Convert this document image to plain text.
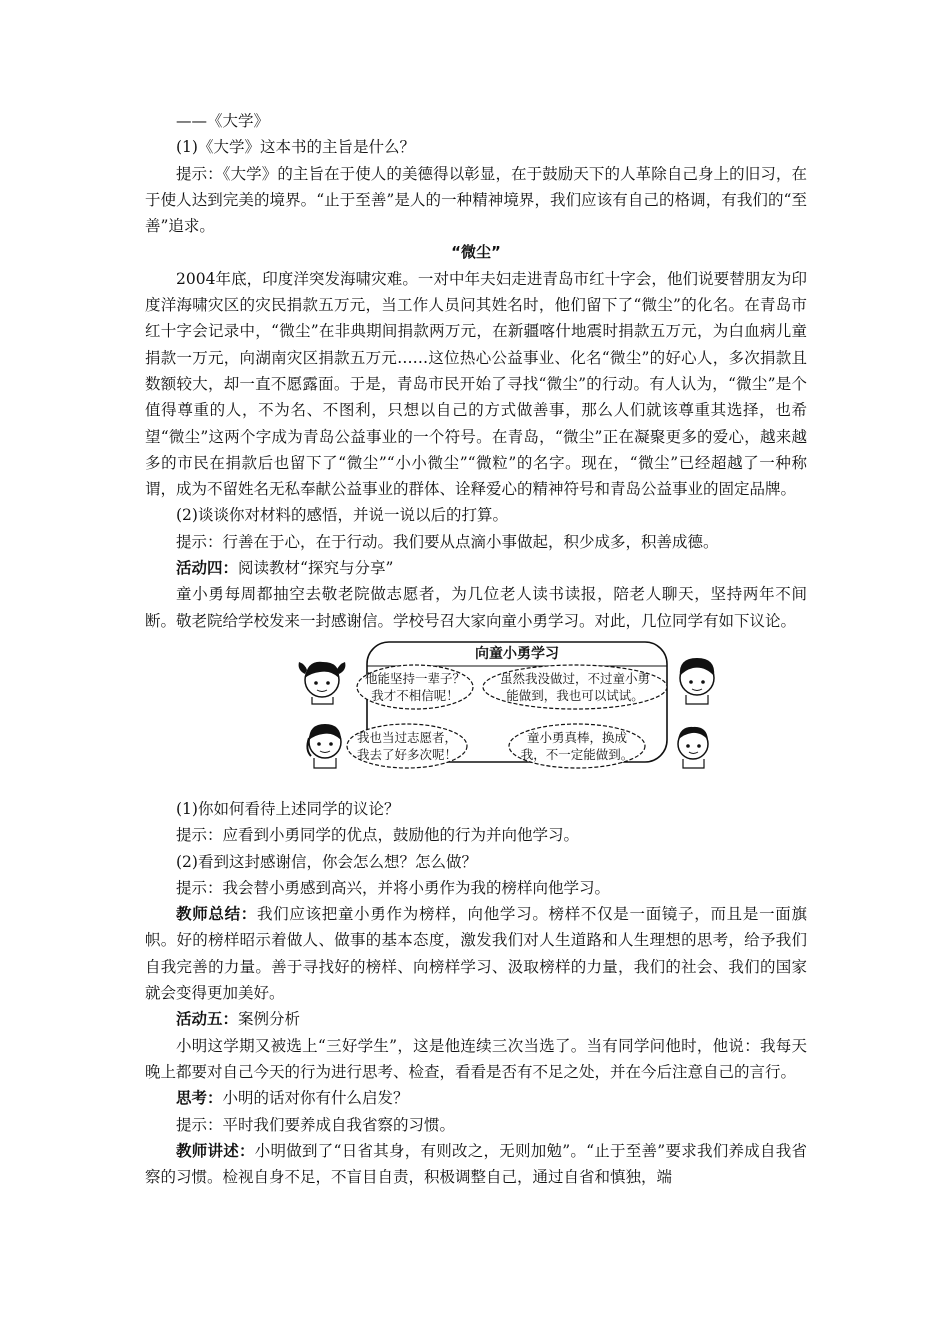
——《大学》

(1)《大学》这本书的主旨是什么？

提示：《大学》的主旨在于使人的美德得以彰显，在于鼓励天下的人革除自己身上的旧习，在于使人达到完美的境界。“止于至善”是人的一种精神境界，我们应该有自己的格调，有我们的“至善”追求。

“微尘”

2004年底，印度洋突发海啸灾难。一对中年夫妇走进青岛市红十字会，他们说要替朋友为印度洋海啸灾区的灾民捐款五万元，当工作人员问其姓名时，他们留下了“微尘”的化名。在青岛市红十字会记录中，“微尘”在非典期间捐款两万元，在新疆喀什地震时捐款五万元，为白血病儿童捐款一万元，向湖南灾区捐款五万元……这位热心公益事业、化名“微尘”的好心人，多次捐款且数额较大，却一直不愿露面。于是，青岛市民开始了寻找“微尘”的行动。有人认为，“微尘”是个值得尊重的人，不为名、不图利，只想以自己的方式做善事，那么人们就该尊重其选择，也希望“微尘”这两个字成为青岛公益事业的一个符号。在青岛，“微尘”正在凝聚更多的爱心，越来越多的市民在捐款后也留下了“微尘”“小小微尘”“微粒”的名字。现在，“微尘”已经超越了一种称谓，成为不留姓名无私奉献公益事业的群体、诠释爱心的精神符号和青岛公益事业的固定品牌。

(2)谈谈你对材料的感悟，并说一说以后的打算。

提示：行善在于心，在于行动。我们要从点滴小事做起，积少成多，积善成德。

活动四：阅读教材“探究与分享”

童小勇每周都抽空去敬老院做志愿者，为几位老人读书读报，陪老人聊天，坚持两年不间断。敬老院给学校发来一封感谢信。学校号召大家向童小勇学习。对此，几位同学有如下议论。

向童小勇学习
他能坚持一辈子？
我才不相信呢！
虽然我没做过，不过童小勇
能做到，我也可以试试。
我也当过志愿者，
我去了好多次呢！
童小勇真棒，换成
我，不一定能做到。

(1)你如何看待上述同学的议论？

提示：应看到小勇同学的优点，鼓励他的行为并向他学习。

(2)看到这封感谢信，你会怎么想？怎么做？

提示：我会替小勇感到高兴，并将小勇作为我的榜样向他学习。

教师总结：我们应该把童小勇作为榜样，向他学习。榜样不仅是一面镜子，而且是一面旗帜。好的榜样昭示着做人、做事的基本态度，激发我们对人生道路和人生理想的思考，给予我们自我完善的力量。善于寻找好的榜样、向榜样学习、汲取榜样的力量，我们的社会、我们的国家就会变得更加美好。

活动五：案例分析

小明这学期又被选上“三好学生”，这是他连续三次当选了。当有同学问他时，他说：我每天晚上都要对自己今天的行为进行思考、检查，看看是否有不足之处，并在今后注意自己的言行。

思考：小明的话对你有什么启发？

提示：平时我们要养成自我省察的习惯。

教师讲述：小明做到了“日省其身，有则改之，无则加勉”。“止于至善”要求我们养成自我省察的习惯。检视自身不足，不盲目自责，积极调整自己，通过自省和慎独，端
